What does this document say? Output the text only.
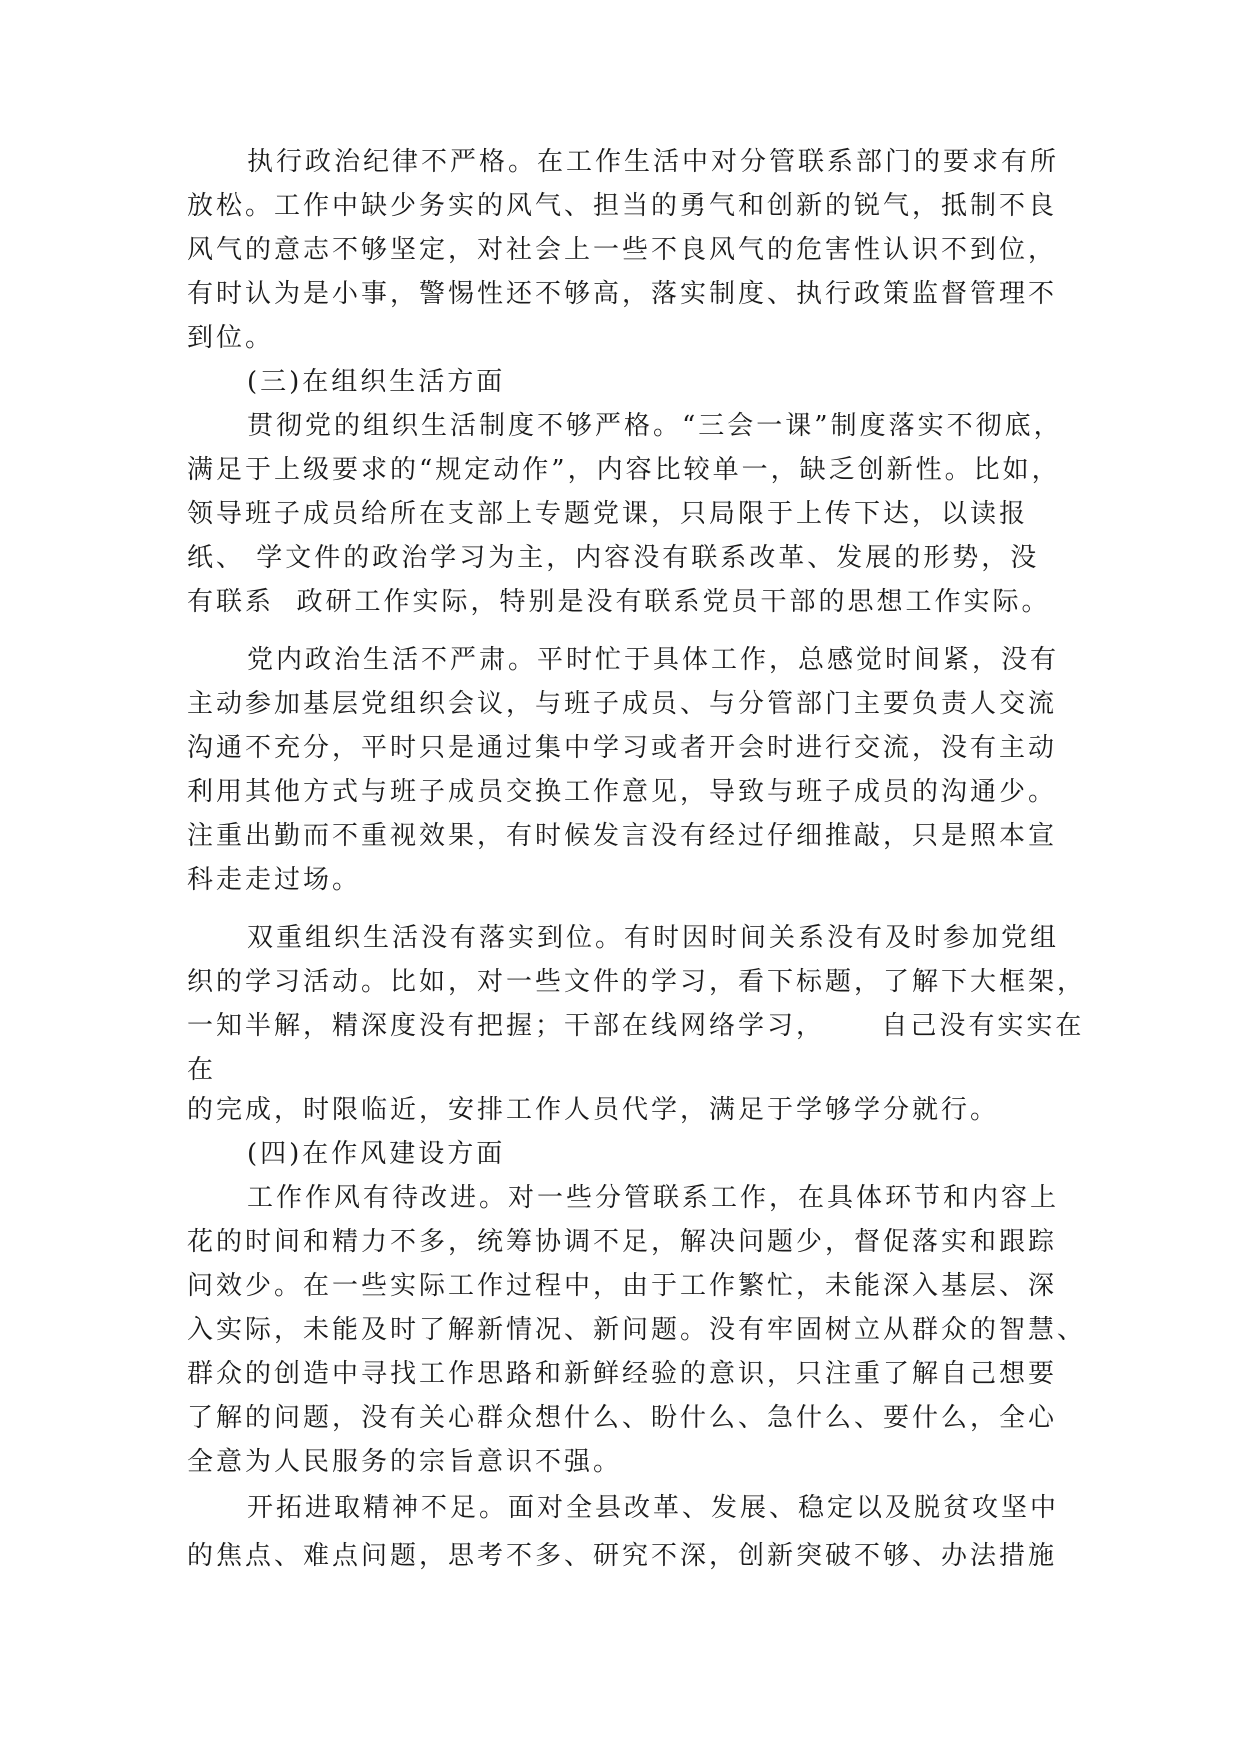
执行政治纪律不严格。在工作生活中对分管联系部门的要求有所
放松。工作中缺少务实的风气、担当的勇气和创新的锐气，抵制不良
风气的意志不够坚定，对社会上一些不良风气的危害性认识不到位，
有时认为是小事，警惕性还不够高，落实制度、执行政策监督管理不
到位。
(三)在组织生活方面
贯彻党的组织生活制度不够严格。“三会一课”制度落实不彻底，
满足于上级要求的“规定动作”，内容比较单一，缺乏创新性。比如，
领导班子成员给所在支部上专题党课，只局限于上传下达，以读报
纸、 学文件的政治学习为主，内容没有联系改革、发展的形势，没
有联系  政研工作实际，特别是没有联系党员干部的思想工作实际。
党内政治生活不严肃。平时忙于具体工作，总感觉时间紧，没有
主动参加基层党组织会议，与班子成员、与分管部门主要负责人交流
沟通不充分，平时只是通过集中学习或者开会时进行交流，没有主动
利用其他方式与班子成员交换工作意见，导致与班子成员的沟通少。
注重出勤而不重视效果，有时候发言没有经过仔细推敲，只是照本宣
科走走过场。
双重组织生活没有落实到位。有时因时间关系没有及时参加党组
织的学习活动。比如，对一些文件的学习，看下标题，了解下大框架，
一知半解，精深度没有把握；干部在线网络学习，     自己没有实实在
在
的完成，时限临近，安排工作人员代学，满足于学够学分就行。
(四)在作风建设方面
工作作风有待改进。对一些分管联系工作，在具体环节和内容上
花的时间和精力不多，统筹协调不足，解决问题少，督促落实和跟踪
问效少。在一些实际工作过程中，由于工作繁忙，未能深入基层、深
入实际，未能及时了解新情况、新问题。没有牢固树立从群众的智慧、
群众的创造中寻找工作思路和新鲜经验的意识，只注重了解自己想要
了解的问题，没有关心群众想什么、盼什么、急什么、要什么，全心
全意为人民服务的宗旨意识不强。
开拓进取精神不足。面对全县改革、发展、稳定以及脱贫攻坚中
的焦点、难点问题，思考不多、研究不深，创新突破不够、办法措施
